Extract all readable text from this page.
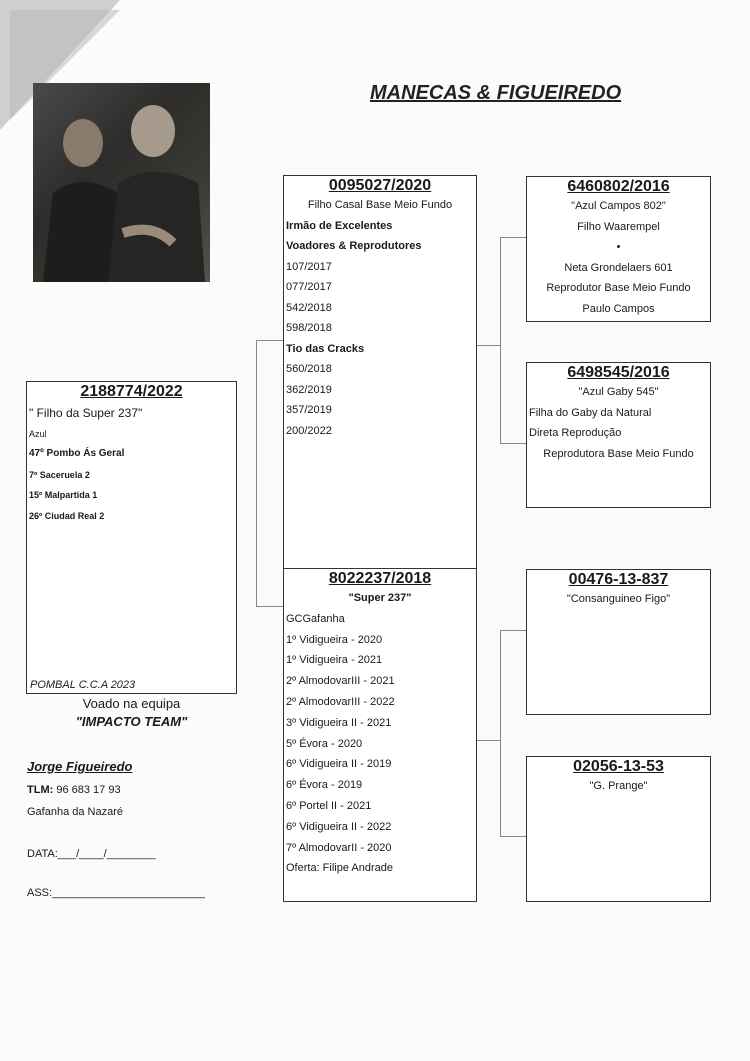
MANECAS & FIGUEIREDO
2188774/2022
" Filho da Super 237"
Azul
47º Pombo Ás Geral
7º Saceruela 2
15º Malpartida 1
26º Ciudad Real 2
POMBAL C.C.A 2023
Voado na equipa
"IMPACTO TEAM"
Jorge Figueiredo
TLM: 96 683 17 93
Gafanha da Nazaré
DATA:___/____/________
ASS:_________________________
0095027/2020
Filho Casal Base Meio Fundo
Irmão de Excelentes
Voadores & Reprodutores
107/2017
077/2017
542/2018
598/2018
Tio das Cracks
560/2018
362/2019
357/2019
200/2022
8022237/2018
"Super 237"
GCGafanha
1º Vidigueira - 2020
1º Vidigueira - 2021
2º AlmodovarIII - 2021
2º AlmodovarIII - 2022
3º Vidigueira II - 2021
5º Évora - 2020
6º Vidigueira II - 2019
6º Évora - 2019
6º Portel II - 2021
6º Vidigueira II - 2022
7º AlmodovarII - 2020
Oferta: Filipe Andrade
6460802/2016
"Azul Campos 802"
Filho Waarempel
•
Neta Grondelaers 601
Reprodutor Base Meio Fundo
Paulo Campos
6498545/2016
"Azul Gaby 545"
Filha do Gaby da Natural
Direta Reprodução
Reprodutora Base Meio Fundo
00476-13-837
"Consanguineo Figo"
02056-13-53
"G. Prange"
